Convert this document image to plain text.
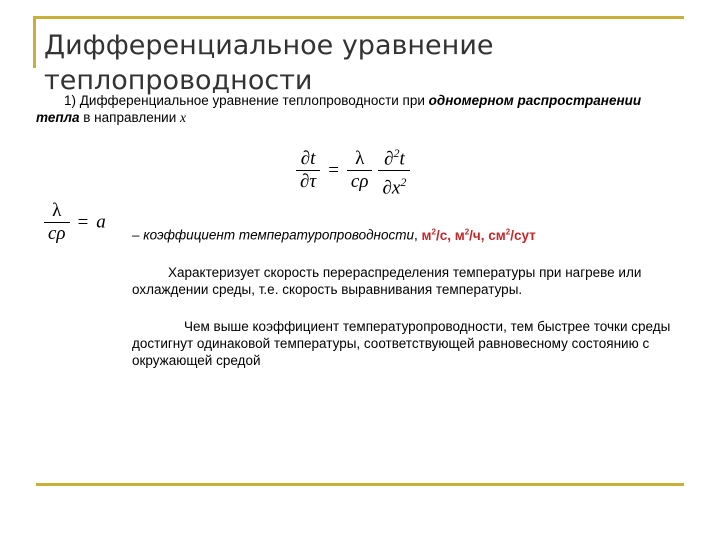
Дифференциальное уравнение теплопроводности
1) Дифференциальное уравнение теплопроводности при одномерном распространении тепла в направлении x
$\frac{\partial t}{\partial\tau} = \frac{\lambda}{c\rho} \frac{\partial^2t}{\partial x^2}$
$\frac{\lambda}{c\rho} = a$
– коэффициент температуропроводности, $м^2/с$, $м^2/ч$, $см^2$/сут
Характеризует скорость перераспределения температуры при нагреве или охлаждении среды, т.е. скорость выравнивания температуры.
Чем выше коэффициент температуропроводности, тем быстрее точки среды достигнут одинаковой температуры, соответствующей равновесному состоянию с окружающей средой
